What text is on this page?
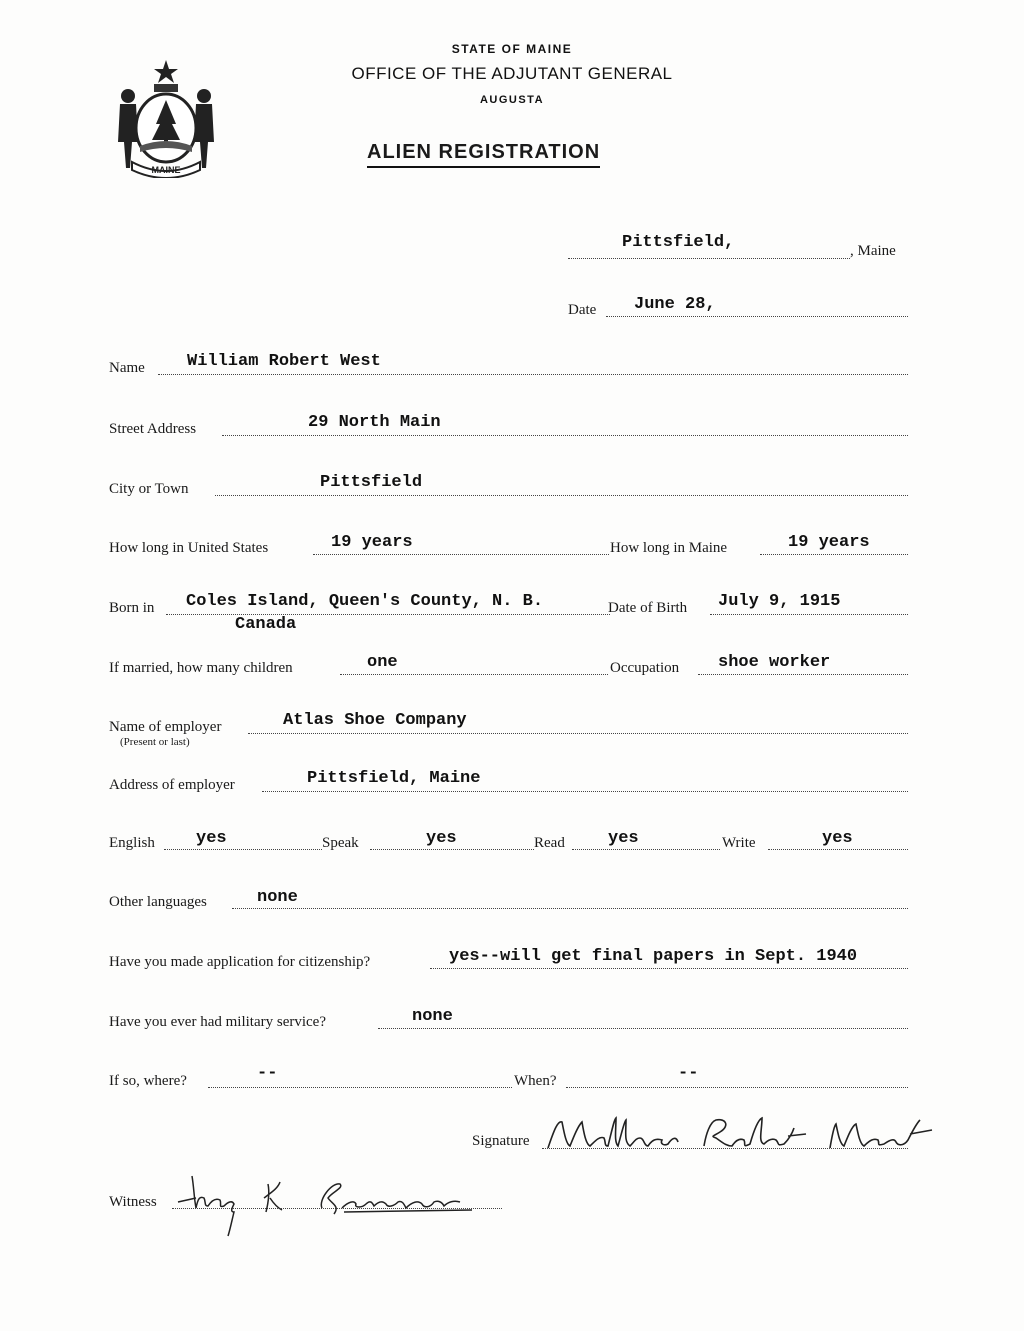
MAINE
STATE OF MAINE
OFFICE OF THE ADJUTANT GENERAL
AUGUSTA
ALIEN REGISTRATION
Pittsfield,	, Maine
Date June 28,
Name William Robert West
Street Address	29 North Main
City or Town	Pittsfield
How long in United States	19 years	How long in Maine	19 years
Born in Coles Island, Queen's County, N. B.
Canada
Date of Birth July 9, 1915
If married, how many children	one	Occupation shoe worker
Name of employer
(Present or last)
Atlas Shoe Company
Address of employer	Pittsfield, Maine
English yes	Speak	yes	Read	yes	Write	yes
Other languages	none
Have you made application for citizenship?	yes--will get final papers in Sept. 1940
Have you ever had military service?	none
If so, where?	--	When?	--
Signature
Witness
